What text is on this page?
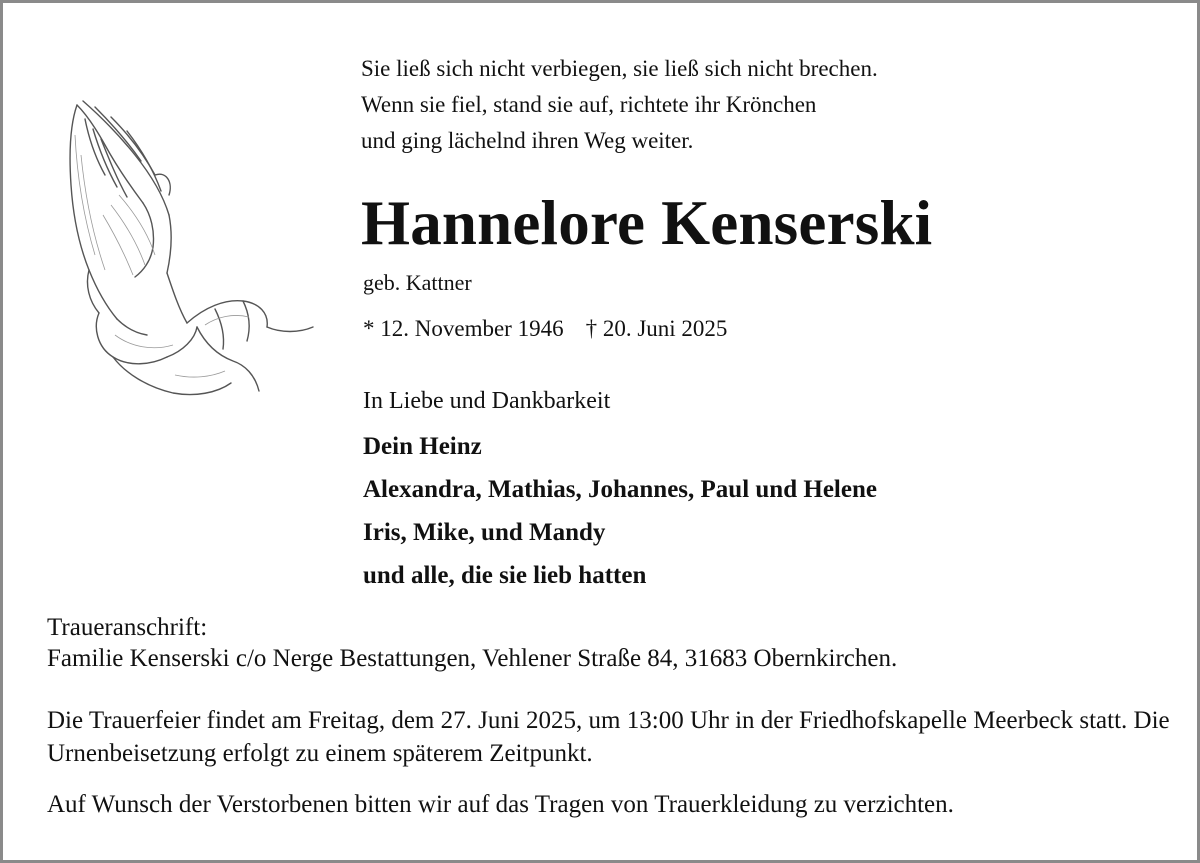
Sie ließ sich nicht verbiegen, sie ließ sich nicht brechen.
Wenn sie fiel, stand sie auf, richtete ihr Krönchen
und ging lächelnd ihren Weg weiter.
Hannelore Kenserski
geb. Kattner
* 12. November 1946 † 20. Juni 2025
In Liebe und Dankbarkeit
Dein Heinz
Alexandra, Mathias, Johannes, Paul und Helene
Iris, Mike, und Mandy
und alle, die sie lieb hatten
Traueranschrift:
Familie Kenserski c/o Nerge Bestattungen, Vehlener Straße 84, 31683 Obernkirchen.
Die Trauerfeier findet am Freitag, dem 27. Juni 2025, um 13:00 Uhr in der Friedhofskapelle Meerbeck statt. Die Urnenbeisetzung erfolgt zu einem späterem Zeitpunkt.
Auf Wunsch der Verstorbenen bitten wir auf das Tragen von Trauerkleidung zu verzichten.
